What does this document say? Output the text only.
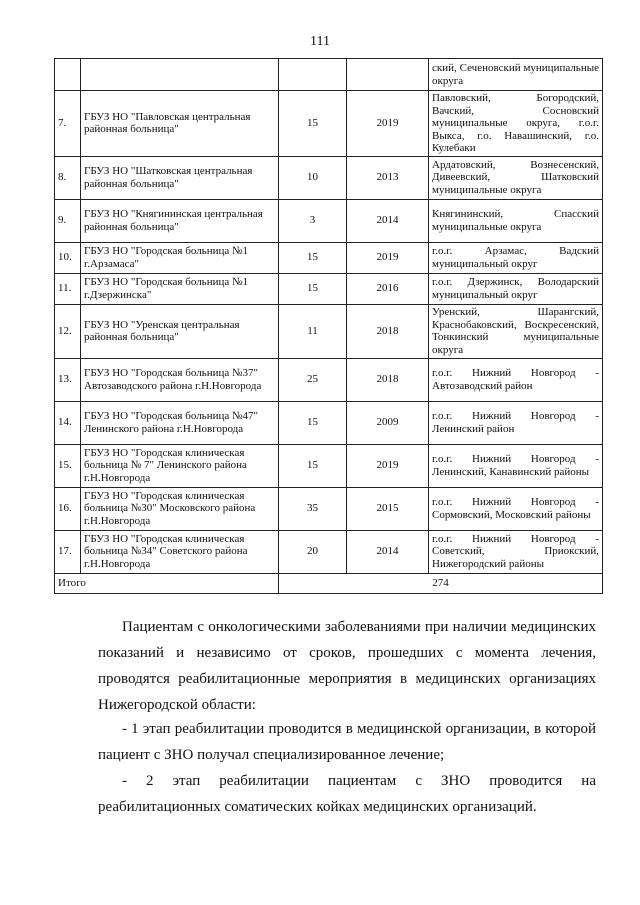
111
				ский, Сеченовский муниципальные округа
7.	ГБУЗ НО "Павловская центральная районная больница"	15	2019	Павловский, Богородский, Вачский, Сосновский муниципальные округа, г.о.г. Выкса, г.о. Навашинский, г.о. Кулебаки
8.	ГБУЗ НО "Шатковская центральная районная больница"	10	2013	Ардатовский, Вознесенский, Дивеевский, Шатковский муниципальные округа
9.	ГБУЗ НО "Княгининская центральная районная больница"	3	2014	Княгининский, Спасский муниципальные округа
10.	ГБУЗ НО "Городская больница №1 г.Арзамаса"	15	2019	г.о.г. Арзамас, Вадский муниципальный округ
11.	ГБУЗ НО "Городская больница №1 г.Дзержинска"	15	2016	г.о.г. Дзержинск, Володарский муниципальный округ
12.	ГБУЗ НО "Уренская центральная районная больница"	11	2018	Уренский, Шарангский, Краснобаковский, Воскресенский, Тонкинский муниципальные округа
13.	ГБУЗ НО "Городская больница №37" Автозаводского района г.Н.Новгорода	25	2018	г.о.г. Нижний Новгород - Автозаводский район
14.	ГБУЗ НО "Городская больница №47" Ленинского района г.Н.Новгорода	15	2009	г.о.г. Нижний Новгород - Ленинский район
15.	ГБУЗ НО "Городская клиническая больница № 7" Ленинского района г.Н.Новгорода	15	2019	г.о.г. Нижний Новгород - Ленинский, Канавинский районы
16.	ГБУЗ НО "Городская клиническая больница №30" Московского района г.Н.Новгорода	35	2015	г.о.г. Нижний Новгород - Сормовский, Московский районы
17.	ГБУЗ НО "Городская клиническая больница №34" Советского района г.Н.Новгорода	20	2014	г.о.г. Нижний Новгород - Советский, Приокский, Нижегородский районы
Итого		274		

Пациентам с онкологическими заболеваниями при наличии медицинских показаний и независимо от сроков, прошедших с момента лечения, проводятся реабилитационные мероприятия в медицинских организациях Нижегородской области:

- 1 этап реабилитации проводится в медицинской организации, в которой пациент с ЗНО получал специализированное лечение;

- 2 этап реабилитации пациентам с ЗНО проводится на реабилитационных соматических койках медицинских организаций.
